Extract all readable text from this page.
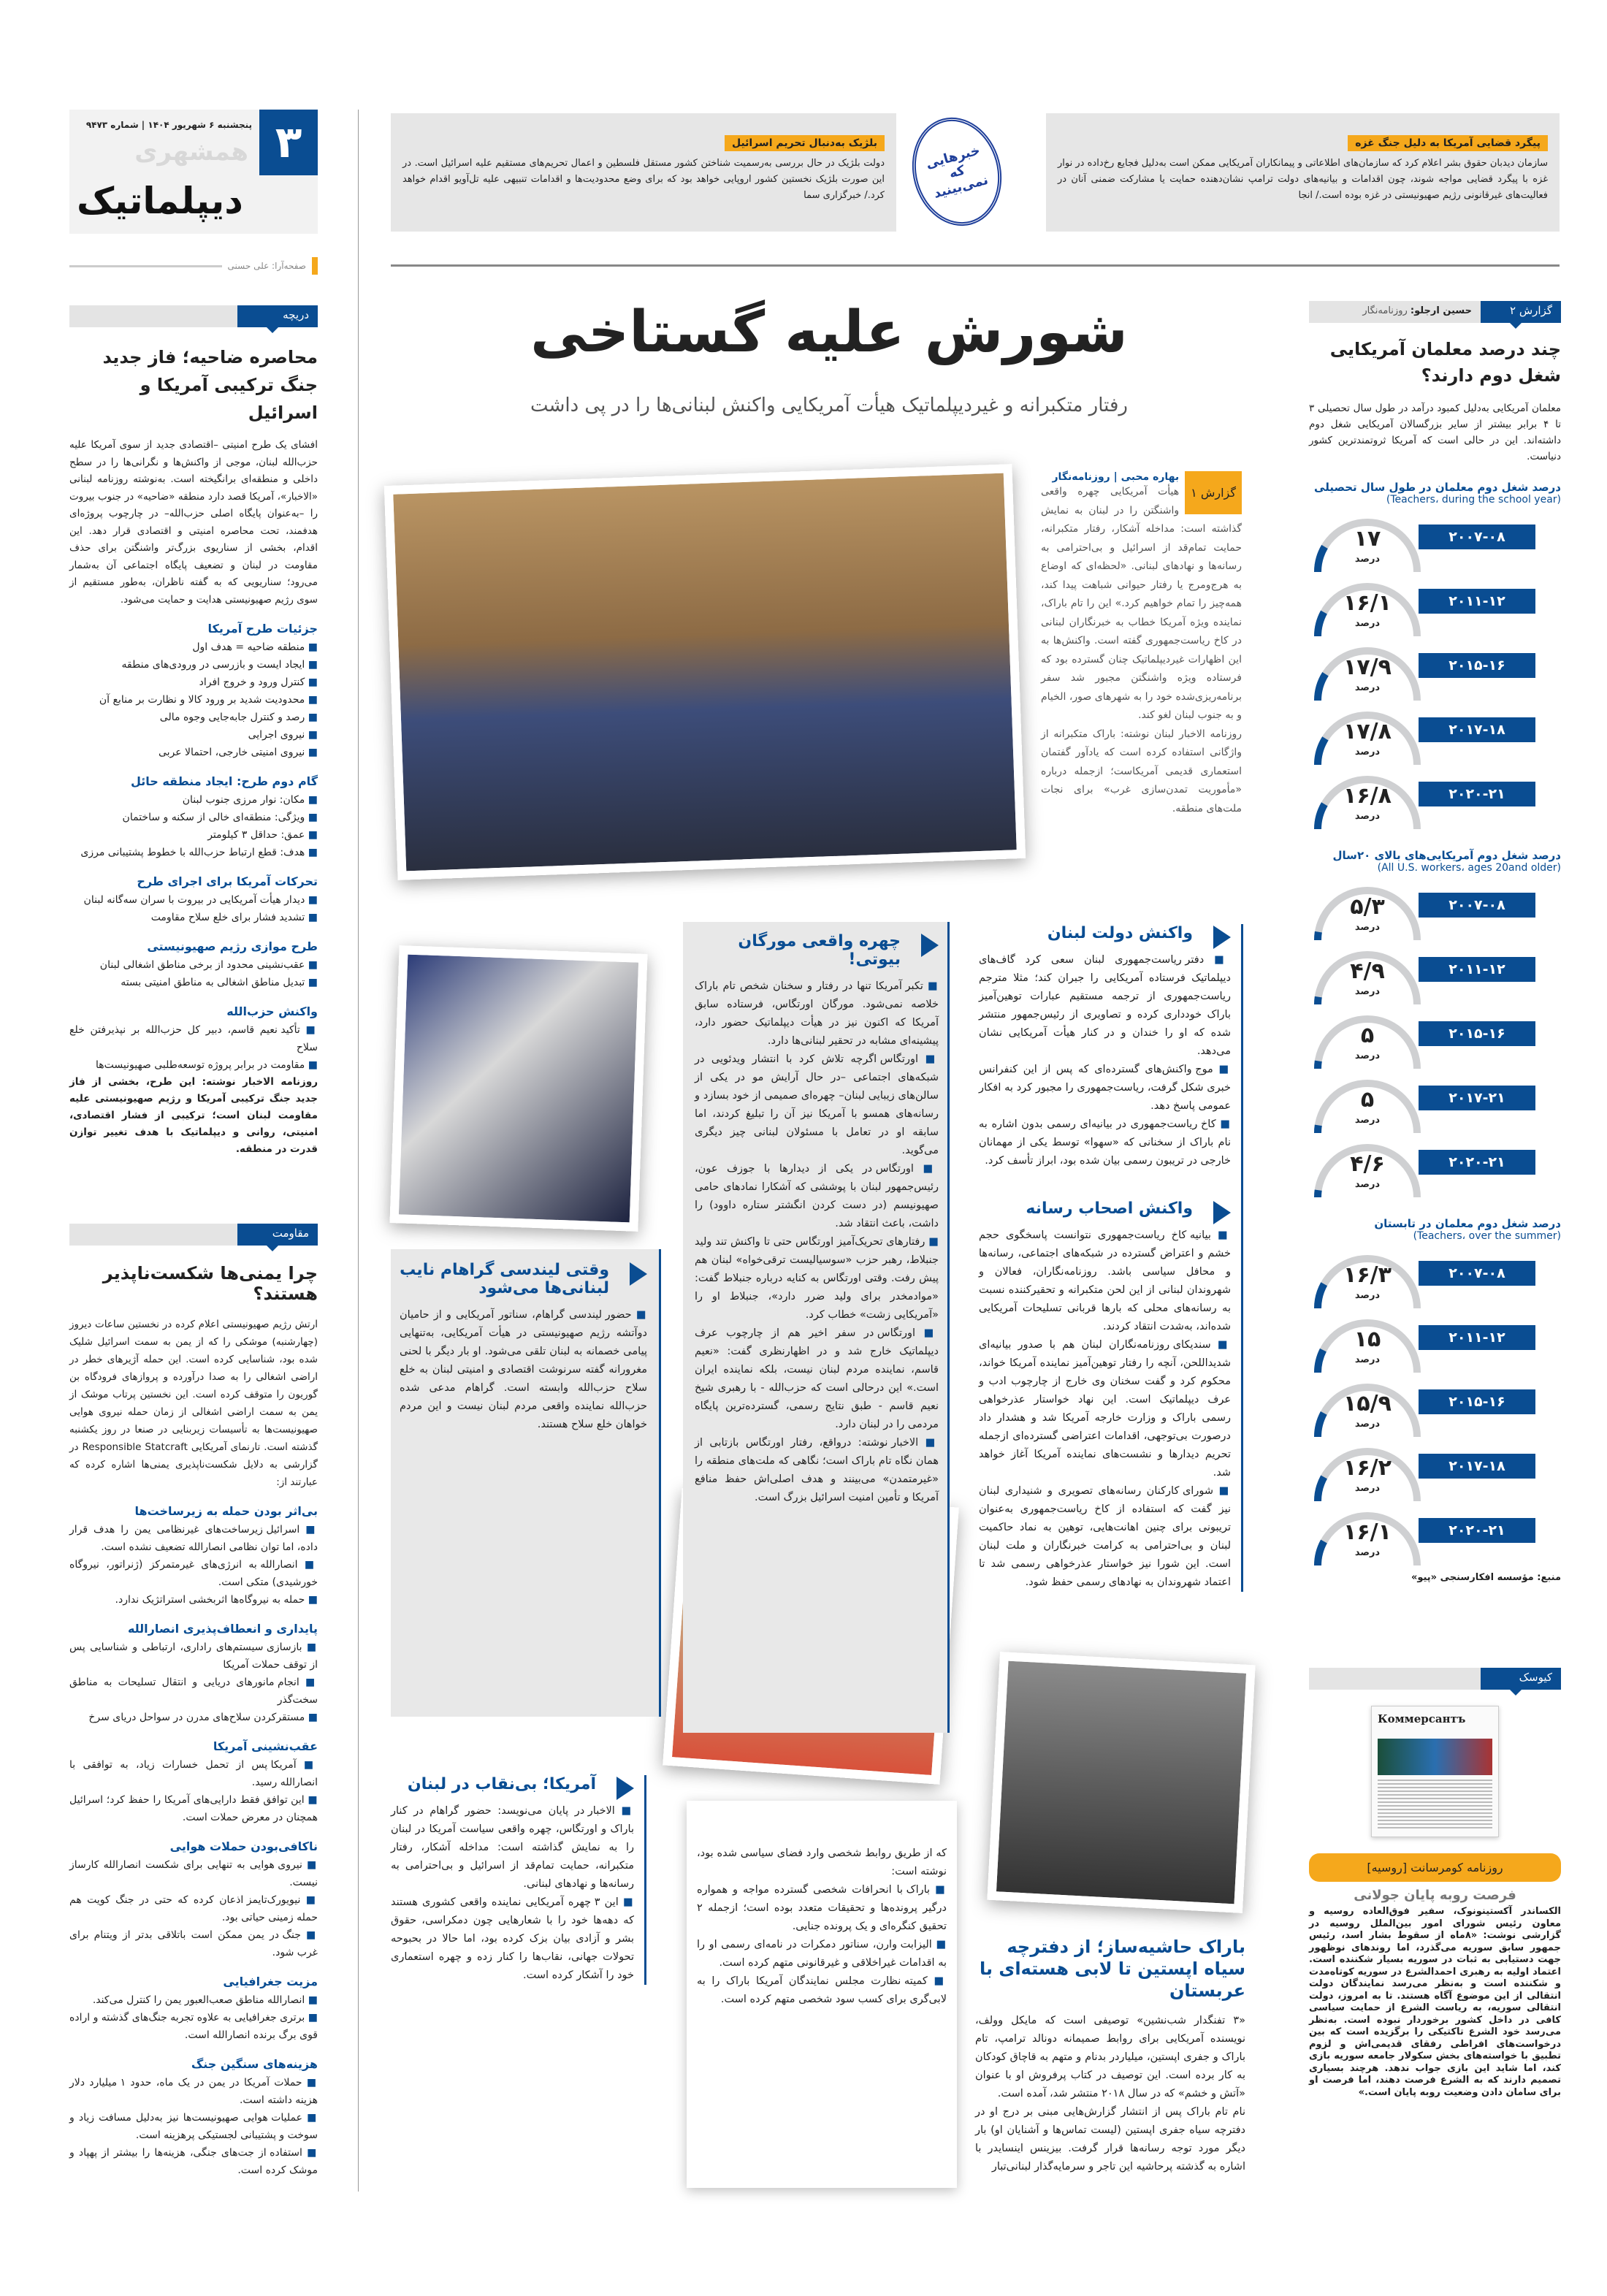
۳
پنجشنبه ۶ شهریور ۱۴۰۴ | شماره ۹۴۷۳
همشهری
دیپلماتیک
صفحه‌آرا: علی حسنی
پیگرد قضایی آمریکا به دلیل جنگ غزه
سازمان دیدبان حقوق بشر اعلام کرد که سازمان‌های اطلاعاتی و پیمانکاران آمریکایی ممکن است به‌دلیل فجایع رخ‌داده در نوار غزه با پیگرد قضایی مواجه شوند، چون اقدامات و بیانیه‌های دولت ترامپ نشان‌دهنده حمایت یا مشارکت ضمنی آنان در فعالیت‌های غیرقانونی رژیم صهیونیستی در غزه بوده است./ انجا
بلژیک به‌دنبال تحریم اسرائیل
دولت بلژیک در حال بررسی به‌رسمیت شناختن کشور مستقل فلسطین و اعمال تحریم‌های مستقیم علیه اسرائیل است. در این صورت بلژیک نخستین کشور اروپایی خواهد بود که برای وضع محدودیت‌ها و اقدامات تنبیهی علیه تل‌آویو اقدام خواهد کرد./ خبرگزاری سما
خبرهایی که نمی‌بینید
شورش علیه گستاخی
رفتار متکبرانه و غیردیپلماتیک هیأت آمریکایی واکنش لبنانی‌ها را در پی داشت
گزارش ۱
بهاره محبی | روزنامه‌نگار
هیأت آمریکایی چهره واقعی واشنگتن را در لبنان به نمایش گذاشته است: مداخله آشکار، رفتار متکبرانه، حمایت تمام‌قد از اسرائیل و بی‌احترامی به رسانه‌ها و نهادهای لبنانی. «لحظه‌ای که اوضاع به هرج‌ومرج یا رفتار حیوانی شباهت پیدا کند، همه‌چیز را تمام خواهیم کرد.» این را تام باراک، نماینده ویژه آمریکا خطاب به خبرنگاران لبنانی در کاخ ریاست‌جمهوری گفته است. واکنش‌ها به این اظهارات غیردیپلماتیک چنان گسترده بود که فرستاده ویژه واشنگتن مجبور شد سفر برنامه‌ریزی‌شده خود را به شهرهای صور، الخیام و به جنوب لبنان لغو کند.
روزنامه الاخبار لبنان نوشته: باراک متکبرانه از واژگانی استفاده کرده است که یادآور گفتمان استعماری قدیمی آمریکاست؛ ازجمله درباره «مأموریت تمدن‌سازی غرب» برای نجات ملت‌های منطقه.
چهره واقعی مورگان بیوتی!
■ تکبر آمریکا تنها در رفتار و سخنان شخص تام باراک خلاصه نمی‌شود. مورگان اورتگاس، فرستاده سابق آمریکا که اکنون نیز در هیأت دیپلماتیک حضور دارد، پیشینه‌ای مشابه در تحقیر لبنانی‌ها دارد.
■ اورتگاس اگرچه تلاش کرد با انتشار ویدئویی در شبکه‌های اجتماعی –در حال آرایش مو در یکی از سالن‌های زیبایی لبنان– چهره‌ای صمیمی از خود بسازد و رسانه‌های همسو با آمریکا نیز آن را تبلیغ کردند، اما سابقه او در تعامل با مسئولان لبنانی چیز دیگری می‌گوید.
■ اورتگاس در یکی از دیدارها با جوزف عون، رئیس‌جمهور لبنان با پوششی که آشکارا نمادهای حامی صهیونیسم (در دست کردن انگشتر ستاره داوود) را داشت، باعث انتقاد شد.
■ رفتارهای تحریک‌آمیز اورتگاس حتی تا واکنش تند ولید جنبلاط، رهبر حزب «سوسیالیست ترقی‌خواه» لبنان هم پیش رفت. وقتی اورتگاس به کنایه درباره جنبلاط گفت: «موادمخدر برای ولید ضرر دارد»، جنبلاط او را «آمریکایی زشت» خطاب کرد.
■ اورتگاس در سفر اخیر هم از چارچوب عرف دیپلماتیک خارج شد و در اظهارنظری گفت: «نعیم قاسم، نماینده مردم لبنان نیست، بلکه نماینده ایران است.» این درحالی است که حزب‌الله - با رهبری شیخ نعیم قاسم - طبق نتایج رسمی، گسترده‌ترین پایگاه مردمی را در لبنان دارد.
■ الاخبار نوشته: درواقع، رفتار اورتگاس بازتابی از همان نگاه تام باراک است؛ نگاهی که ملت‌های منطقه را «غیرمتمدن» می‌بینند و هدف اصلی‌اش حفظ منافع آمریکا و تأمین امنیت اسرائیل بزرگ است.
واکنش دولت لبنان
■ دفتر ریاست‌جمهوری لبنان سعی کرد گاف‌های دیپلماتیک فرستاده آمریکایی را جبران کند؛ مثلا مترجم ریاست‌جمهوری از ترجمه مستقیم عبارات توهین‌آمیز باراک خودداری کرده و تصاویری از رئیس‌جمهور منتشر شده که او را خندان و در کنار هیأت آمریکایی نشان می‌دهد.
■ موج واکنش‌های گسترده‌ای که پس از این کنفرانس خبری شکل گرفت، ریاست‌جمهوری را مجبور کرد به افکار عمومی پاسخ دهد.
■ کاخ ریاست‌جمهوری در بیانیه‌ای رسمی بدون اشاره به نام باراک از سخنانی که «سهوا» توسط یکی از مهمانان خارجی در تریبون رسمی بیان شده بود، ابراز تأسف کرد.
واکنش اصحاب رسانه
■ بیانیه کاخ ریاست‌جمهوری نتوانست پاسخگوی حجم خشم و اعتراض گسترده در شبکه‌های اجتماعی، رسانه‌ها و محافل سیاسی باشد. روزنامه‌نگاران، فعالان و شهروندان لبنانی از این لحن متکبرانه و تحقیرکننده نسبت به رسانه‌های محلی که بارها قربانی تسلیحات آمریکایی شده‌اند، به‌شدت انتقاد کردند.
■ سندیکای روزنامه‌نگاران لبنان هم با صدور بیانیه‌ای شدیداللحن، آنچه را رفتار توهین‌آمیز نماینده آمریکا خواند، محکوم کرد و گفت سخنان وی خارج از چارچوب ادب و عرف دیپلماتیک است. این نهاد خواستار عذرخواهی رسمی باراک و وزارت خارجه آمریکا شد و هشدار داد درصورت بی‌توجهی، اقدامات اعتراضی گسترده‌ای ازجمله تحریم دیدارها و نشست‌های نماینده آمریکا آغاز خواهد شد.
■ شورای کارکنان رسانه‌های تصویری و شنیداری لبنان نیز گفت که استفاده از کاخ ریاست‌جمهوری به‌عنوان تریبونی برای چنین اهانت‌هایی، توهین به نماد حاکمیت لبنان و بی‌احترامی به کرامت خبرنگاران و ملت لبنان است. این شورا نیز خواستار عذرخواهی رسمی شد تا اعتماد شهروندان به نهادهای رسمی حفظ شود.
وقتی لیندسی گراهام نایب لبنانی‌ها می‌شود
■ حضور لیندسی گراهام، سناتور آمریکایی و از حامیان دوآتشه رژیم صهیونیستی در هیأت آمریکایی، به‌تنهایی پیامی خصمانه به لبنان تلقی می‌شود. او بار دیگر با لحنی مغرورانه گفته سرنوشت اقتصادی و امنیتی لبنان به خلع سلاح حزب‌الله وابسته است. گراهام مدعی شده حزب‌الله نماینده واقعی مردم لبنان نیست و این مردم خواهان خلع سلاح هستند.
آمریکا؛ بی‌نقاب در لبنان
■ الاخبار در پایان می‌نویسد: حضور گراهام در کنار باراک و اورتگاس، چهره واقعی سیاست آمریکا در لبنان را به نمایش گذاشته است: مداخله آشکار، رفتار متکبرانه، حمایت تمام‌قد از اسرائیل و بی‌احترامی به رسانه‌ها و نهادهای لبنانی.
■ این ۳ چهره آمریکایی نماینده واقعی کشوری هستند که دهه‌ها خود را با شعارهایی چون دمکراسی، حقوق بشر و آزادی بیان بزک کرده بود، اما حالا در بحبوحه تحولات جهانی، نقاب‌ها را کنار زده و چهره استعماری خود را آشکار کرده است.
که از طریق روابط شخصی وارد فضای سیاسی شده بود، نوشته است:
■ باراک با انحرافات شخصی گسترده مواجه و همواره درگیر پرونده‌ها و تحقیقات متعدد بوده است؛ ازجمله ۲ تحقیق کنگره‌ای و یک پرونده جنایی.
■ الیزابت وارن، سناتور دمکرات در نامه‌ای رسمی او را به اقدامات غیراخلاقی و غیرقانونی متهم کرده است.
■ کمیته نظارت مجلس نمایندگان آمریکا باراک را به لابی‌گری برای کسب سود شخصی متهم کرده است.
باراک حاشیه‌ساز؛ از دفترچه سیاه اپستین تا لابی هسته‌ای با عربستان
«۳ تفنگدار شب‌نشین» توصیفی است که مایکل وولف، نویسنده آمریکایی برای روابط صمیمانه دونالد ترامپ، تام باراک و جفری اپستین، میلیاردر بدنام و متهم به قاچاق کودکان به کار برده است. این توصیف در کتاب پرفروش او با عنوان «آتش و خشم» که در سال ۲۰۱۸ منتشر شد، آمده است.
نام تام باراک پس از انتشار گزارش‌هایی مبنی بر درج او در دفترچه سیاه جفری اپستین (لیست تماس‌ها و آشنایان او) بار دیگر مورد توجه رسانه‌ها قرار گرفت. بیزینس اینسایدر با اشاره به گذشته پرحاشیه این تاجر و سرمایه‌گذار لبنانی‌تبار
دریچه
محاصره ضاحیه؛ فاز جدید جنگ ترکیبی آمریکا و اسرائیل
افشای یک طرح امنیتی –اقتصادی جدید از سوی آمریکا علیه حزب‌الله لبنان، موجی از واکنش‌ها و نگرانی‌ها را در سطح داخلی و منطقه‌ای برانگیخته است. به‌نوشته روزنامه لبنانی «الاخبار»، آمریکا قصد دارد منطقه «ضاحیه» در جنوب بیروت را –به‌عنوان پایگاه اصلی حزب‌الله– در چارچوب پروژه‌ای هدفمند، تحت محاصره امنیتی و اقتصادی قرار دهد. این اقدام، بخشی از سناریوی بزرگ‌تر واشنگتن برای حذف مقاومت در لبنان و تضعیف پایگاه اجتماعی آن به‌شمار می‌رود؛ سناریویی که به گفته ناظران، به‌طور مستقیم از سوی رژیم صهیونیستی هدایت و حمایت می‌شود.
جزئیات طرح آمریکا
■ منطقه ضاحیه = هدف اول
■ ایجاد ایست و بازرسی در ورودی‌های منطقه
■ کنترل ورود و خروج افراد
■ محدودیت شدید بر ورود کالا و نظارت بر منابع آن
■ رصد و کنترل جابه‌جایی وجوه مالی
■ نیروی اجرایی
■ نیروی امنیتی خارجی، احتمالا عربی
گام دوم طرح: ایجاد منطقه حائل
■ مکان: نوار مرزی جنوب لبنان
■ ویژگی: منطقه‌ای خالی از سکنه و ساختمان
■ عمق: حداقل ۳ کیلومتر
■ هدف: قطع ارتباط حزب‌الله با خطوط پشتیبانی مرزی
تحرکات آمریکا برای اجرای طرح
■ دیدار هیأت آمریکایی در بیروت با سران سه‌گانه لبنان
■ تشدید فشار برای خلع سلاح مقاومت
طرح موازی رژیم صهیونیستی
■ عقب‌نشینی محدود از برخی مناطق اشغالی لبنان
■ تبدیل مناطق اشغالی به مناطق امنیتی بسته
واکنش حزب‌الله
■ تأکید نعیم قاسم، دبیر کل حزب‌الله بر نپذیرفتن خلع سلاح
■ مقاومت در برابر پروژه توسعه‌طلبی صهیونیست‌ها
روزنامه الاخبار نوشته: این طرح، بخشی از فاز جدید جنگ ترکیبی آمریکا و رژیم صهیونیستی علیه مقاومت لبنان است؛ ترکیبی از فشار اقتصادی، امنیتی، روانی و دیپلماتیک با هدف تغییر توازن قدرت در منطقه.
مقاومت
چرا یمنی‌ها شکست‌ناپذیر هستند؟
ارتش رژیم صهیونیستی اعلام کرده در نخستین ساعات دیروز (چهارشنبه) موشکی را که از یمن به سمت اسرائیل شلیک شده بود، شناسایی کرده است. این حمله آژیرهای خطر در اراضی اشغالی را به صدا درآورده و پروازهای فرودگاه بن گوریون را متوقف کرده است. این نخستین پرتاب موشک از یمن به سمت اراضی اشغالی از زمان حمله نیروی هوایی صهیونیست‌ها به تأسیسات زیربنایی در صنعا در روز یکشنبه گذشته است. تارنمای آمریکایی Responsible Statcraft در گزارشی به دلایل شکست‌ناپذیری یمنی‌ها اشاره کرده که عبارتند از:
بی‌اثر بودن حمله به زیرساخت‌ها
■ اسرائیل زیرساخت‌های غیرنظامی یمن را هدف قرار داده، اما توان نظامی انصارالله تضعیف نشده است.
■ انصارالله به انرژی‌های غیرمتمرکز (ژنراتور، نیروگاه خورشیدی) متکی است.
■ حمله به نیروگاه‌ها اثربخشی استراتژیک ندارد.
پایداری و انعطاف‌پذیری انصارالله
■ بازسازی سیستم‌های راداری، ارتباطی و شناسایی پس از توقف حملات آمریکا
■ انجام مانورهای دریایی و انتقال تسلیحات به مناطق سخت‌گذر
■ مستقرکردن سلاح‌های مدرن در سواحل دریای سرخ
عقب‌نشینی آمریکا
■ آمریکا پس از تحمل خسارات زیاد، به توافقی با انصارالله رسید.
■ این توافق فقط دارایی‌های آمریکا را حفظ کرد؛ اسرائیل همچنان در معرض حملات است.
ناکافی‌بودن حملات هوایی
■ نیروی هوایی به تنهایی برای شکست انصارالله کارساز نیست.
■ نیویورک‌تایمز اذعان کرده که حتی در جنگ کویت هم حمله زمینی حیاتی بود.
■ جنگ در یمن ممکن است باتلاقی بدتر از ویتنام برای غرب شود.
مزیت جغرافیایی
■ انصارالله مناطق صعب‌العبور یمن را کنترل می‌کند.
■ برتری جغرافیایی به علاوه تجربه جنگ‌های گذشته و اراده قوی برگ برنده انصارالله است.
هزینه‌های سنگین جنگ
■ حملات آمریکا در یمن در یک ماه، حدود ۱ میلیارد دلار هزینه داشته است.
■ عملیات هوایی صهیونیست‌ها نیز به‌دلیل مسافت زیاد و سوخت و پشتیبانی لجستیکی پرهزینه است.
■ استفاده از جت‌های جنگی، هزینه‌ها را بیشتر از پهپاد و موشک کرده است.
گزارش ۲
حسین ارجلو: روزنامه‌نگار
چند درصد معلمان آمریکایی شغل دوم دارند؟
معلمان آمریکایی به‌دلیل کمبود درآمد در طول سال تحصیلی ۳ تا ۴ برابر بیشتر از سایر بزرگسالان آمریکایی شغل دوم داشته‌اند. این در حالی است که آمریکا ثروتمندترین کشور دنیاست.
درصد شغل دوم معلمان در طول سال تحصیلی
(Teachers، during the school year)
۲۰۰۷-۰۸
۱۷
درصد
۲۰۱۱-۱۲
۱۶/۱
درصد
۲۰۱۵-۱۶
۱۷/۹
درصد
۲۰۱۷-۱۸
۱۷/۸
درصد
۲۰۲۰-۲۱
۱۶/۸
درصد
درصد شغل دوم آمریکایی‌های بالای ۲۰سال
(All U.S. workers، ages 20and older)
۲۰۰۷-۰۸
۵/۳
درصد
۲۰۱۱-۱۲
۴/۹
درصد
۲۰۱۵-۱۶
۵
درصد
۲۰۱۷-۲۱
۵
درصد
۲۰۲۰-۲۱
۴/۶
درصد
درصد شغل دوم معلمان در تابستان
(Teachers، over the summer)
۲۰۰۷-۰۸
۱۶/۳
درصد
۲۰۱۱-۱۲
۱۵
درصد
۲۰۱۵-۱۶
۱۵/۹
درصد
۲۰۱۷-۱۸
۱۶/۲
درصد
۲۰۲۰-۲۱
۱۶/۱
درصد
منبع: مؤسسه افکارسنجی «پیو»
کیوسک
Коммерсантъ
روزنامه کومرسانت [روسیه]
فرصت روبه پایان جولانی
الکساندر آکستینونوک، سفیر فوق‌العاده روسیه و معاون رئیس شورای امور بین‌الملل روسیه در گزارشی نوشت: «۸ماه از سقوط بشار اسد، رئیس جمهور سابق سوریه می‌گذرد، اما روندهای نوظهور جهت دستیابی به ثبات در سوریه بسیار شکننده است. اعتماد اولیه به رهبری احمدالشرع در سوریه کوتاه‌مدت و شکننده است و به‌نظر می‌رسد نمایندگان دولت انتقالی از این موضوع آگاه هستند. تا به امروز، دولت انتقالی سوریه، به ریاست الشرع از حمایت سیاسی کافی در داخل کشور برخوردار نبوده است. به‌نظر می‌رسد خود الشرع تاکتیکی را برگزیده است که بین درخواست‌های افراطی رفقای قدیمی‌اش و لزوم تطبیق با خواسته‌های بخش سکولار جامعه سوریه بازی کند، اما شاید این بازی جواب ندهد. هرچند بسیاری تصمیم دارند که به الشرع فرصت دهند، اما فرصت او برای سامان دادن وضعیت روبه پایان است.»
